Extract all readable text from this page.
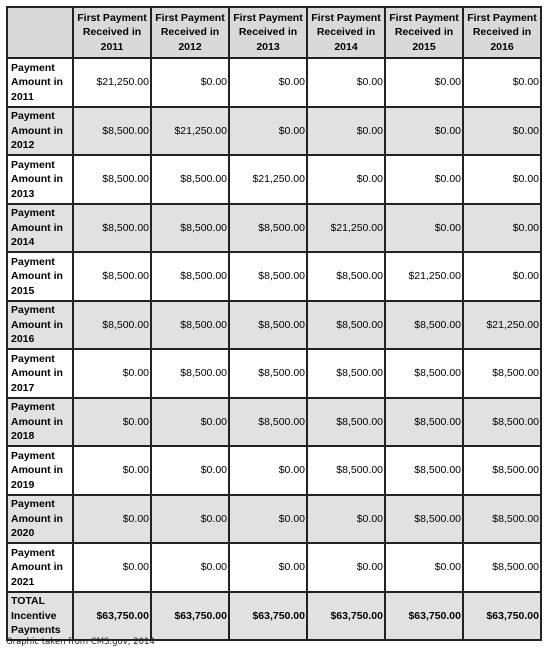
	First Payment Received in 2011	First Payment Received in 2012	First Payment Received in 2013	First Payment Received in 2014	First Payment Received in 2015	First Payment Received in 2016
Payment Amount in 2011	$21,250.00	$0.00	$0.00	$0.00	$0.00	$0.00
Payment Amount in 2012	$8,500.00	$21,250.00	$0.00	$0.00	$0.00	$0.00
Payment Amount in 2013	$8,500.00	$8,500.00	$21,250.00	$0.00	$0.00	$0.00
Payment Amount in 2014	$8,500.00	$8,500.00	$8,500.00	$21,250.00	$0.00	$0.00
Payment Amount in 2015	$8,500.00	$8,500.00	$8,500.00	$8,500.00	$21,250.00	$0.00
Payment Amount in 2016	$8,500.00	$8,500.00	$8,500.00	$8,500.00	$8,500.00	$21,250.00
Payment Amount in 2017	$0.00	$8,500.00	$8,500.00	$8,500.00	$8,500.00	$8,500.00
Payment Amount in 2018	$0.00	$0.00	$8,500.00	$8,500.00	$8,500.00	$8,500.00
Payment Amount in 2019	$0.00	$0.00	$0.00	$8,500.00	$8,500.00	$8,500.00
Payment Amount in 2020	$0.00	$0.00	$0.00	$0.00	$8,500.00	$8,500.00
Payment Amount in 2021	$0.00	$0.00	$0.00	$0.00	$0.00	$8,500.00
TOTAL Incentive Payments	$63,750.00	$63,750.00	$63,750.00	$63,750.00	$63,750.00	$63,750.00
Graphic taken from CMS.gov, 2014
